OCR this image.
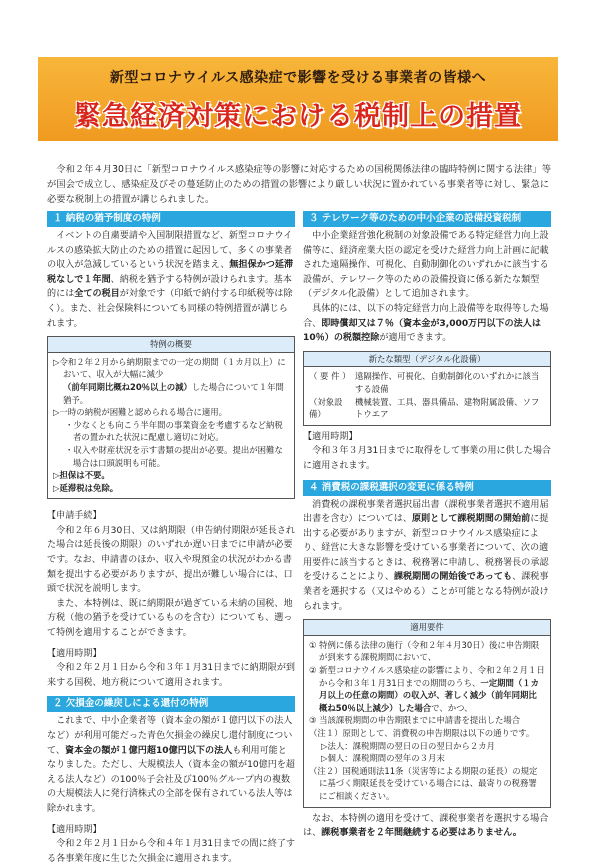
新型コロナウイルス感染症で影響を受ける事業者の皆様へ
緊急経済対策における税制上の措置

令和２年４月30日に「新型コロナウイルス感染症等の影響に対応するための国税関係法律の臨時特例に関する法律」等が国会で成立し、感染症及びその蔓延防止のための措置の影響により厳しい状況に置かれている事業者等に対し、緊急に必要な税制上の措置が講じられました。

１ 納税の猶予制度の特例

イベントの自粛要請や入国制限措置など、新型コロナウイルスの感染拡大防止のための措置に起因して、多くの事業者の収入が急減しているという状況を踏まえ、無担保かつ延滞税なしで１年間、納税を猶予する特例が設けられます。基本的には全ての税目が対象です（印紙で納付する印紙税等は除く）。また、社会保険料についても同様の特例措置が講じられます。

特例の概要
▷令和２年２月から納期限までの一定の期間（１カ月以上）において、収入が大幅に減少（前年同期比概ね20％以上の減）した場合について１年間猶予。
▷一時の納税が困難と認められる場合に適用。
・少なくとも向こう半年間の事業資金を考慮するなど納税者の置かれた状況に配慮し適切に対応。
・収入や財産状況を示す書類の提出が必要。提出が困難な場合は口頭説明も可能。
▷担保は不要。
▷延滞税は免除。

【申請手続】

令和２年６月30日、又は納期限（申告納付期限が延長された場合は延長後の期限）のいずれか遅い日までに申請が必要です。なお、申請書のほか、収入や現預金の状況がわかる書類を提出する必要がありますが、提出が難しい場合には、口頭で状況を説明します。

また、本特例は、既に納期限が過ぎている未納の国税、地方税（他の猶予を受けているものを含む）についても、遡って特例を適用することができます。

【適用時期】

令和２年２月１日から令和３年１月31日までに納期限が到来する国税、地方税について適用されます。

２ 欠損金の繰戻しによる還付の特例

これまで、中小企業者等（資本金の額が１億円以下の法人など）が利用可能だった青色欠損金の繰戻し還付制度について、資本金の額が１億円超10億円以下の法人も利用可能となりました。ただし、大規模法人（資本金の額が10億円を超える法人など）の100％子会社及び100％グループ内の複数の大規模法人に発行済株式の全部を保有されている法人等は除かれます。

【適用時期】

令和２年２月１日から令和４年１月31日までの間に終了する各事業年度に生じた欠損金に適用されます。

３ テレワーク等のための中小企業の設備投資税制

中小企業経営強化税制の対象設備である特定経営力向上設備等に、経済産業大臣の認定を受けた経営力向上計画に記載された遠隔操作、可視化、自動制御化のいずれかに該当する設備が、テレワーク等のための設備投資に係る新たな類型（デジタル化設備）として追加されます。

具体的には、以下の特定経営力向上設備等を取得等した場合、即時償却又は７％（資本金が3,000万円以下の法人は10％）の税額控除が適用できます。

新たな類型（デジタル化設備）
（ 要 件 ） 遠隔操作、可視化、自動制御化のいずれかに該当する設備
（対象設備）
機械装置、工具、器具備品、建物附属設備、ソフトウエア

【適用時期】

令和３年３月31日までに取得をして事業の用に供した場合に適用されます。

４ 消費税の課税選択の変更に係る特例

消費税の課税事業者選択届出書（課税事業者選択不適用届出書を含む）については、原則として課税期間の開始前に提出する必要がありますが、新型コロナウイルス感染症により、経営に大きな影響を受けている事業者について、次の適用要件に該当するときは、税務署に申請し、税務署長の承認を受けることにより、課税期間の開始後であっても、課税事業者を選択する（又はやめる）ことが可能となる特例が設けられます。

適用要件
① 特例に係る法律の施行（令和２年４月30日）後に申告期限が到来する課税期間において、
② 新型コロナウイルス感染症の影響により、令和２年２月１日から令和３年１月31日までの期間のうち、一定期間（１カ月以上の任意の期間）の収入が、著しく減少（前年同期比概ね50％以上減少）した場合で、かつ、
③ 当該課税期間の申告期限までに申請書を提出した場合
（注１）原則として、消費税の申告期限は以下の通りです。
▷法人：課税期間の翌日の日の翌日から２カ月
▷個人：課税期間の翌年の３月末
（注２）国税通則法11条（災害等による期限の延長）の規定に基づく期限延長を受けている場合には、最寄りの税務署にご相談ください。

なお、本特例の適用を受けて、課税事業者を選択する場合は、課税事業者を２年間継続する必要はありません。
